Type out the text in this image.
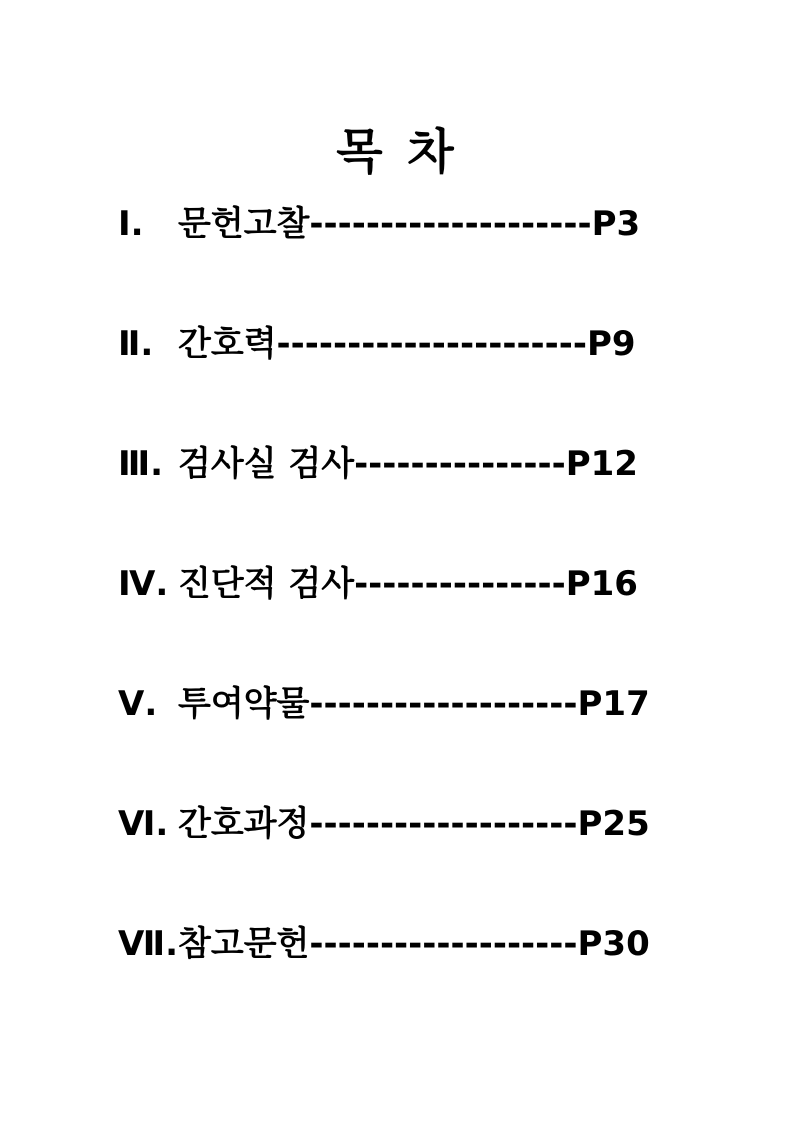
목 차
Ⅰ. 문헌고찰--------------------P3
Ⅱ. 간호력----------------------P9
Ⅲ. 검사실 검사---------------P12
Ⅳ. 진단적 검사---------------P16
Ⅴ. 투여약물-------------------P17
Ⅵ. 간호과정-------------------P25
Ⅶ.참고문헌-------------------P30
